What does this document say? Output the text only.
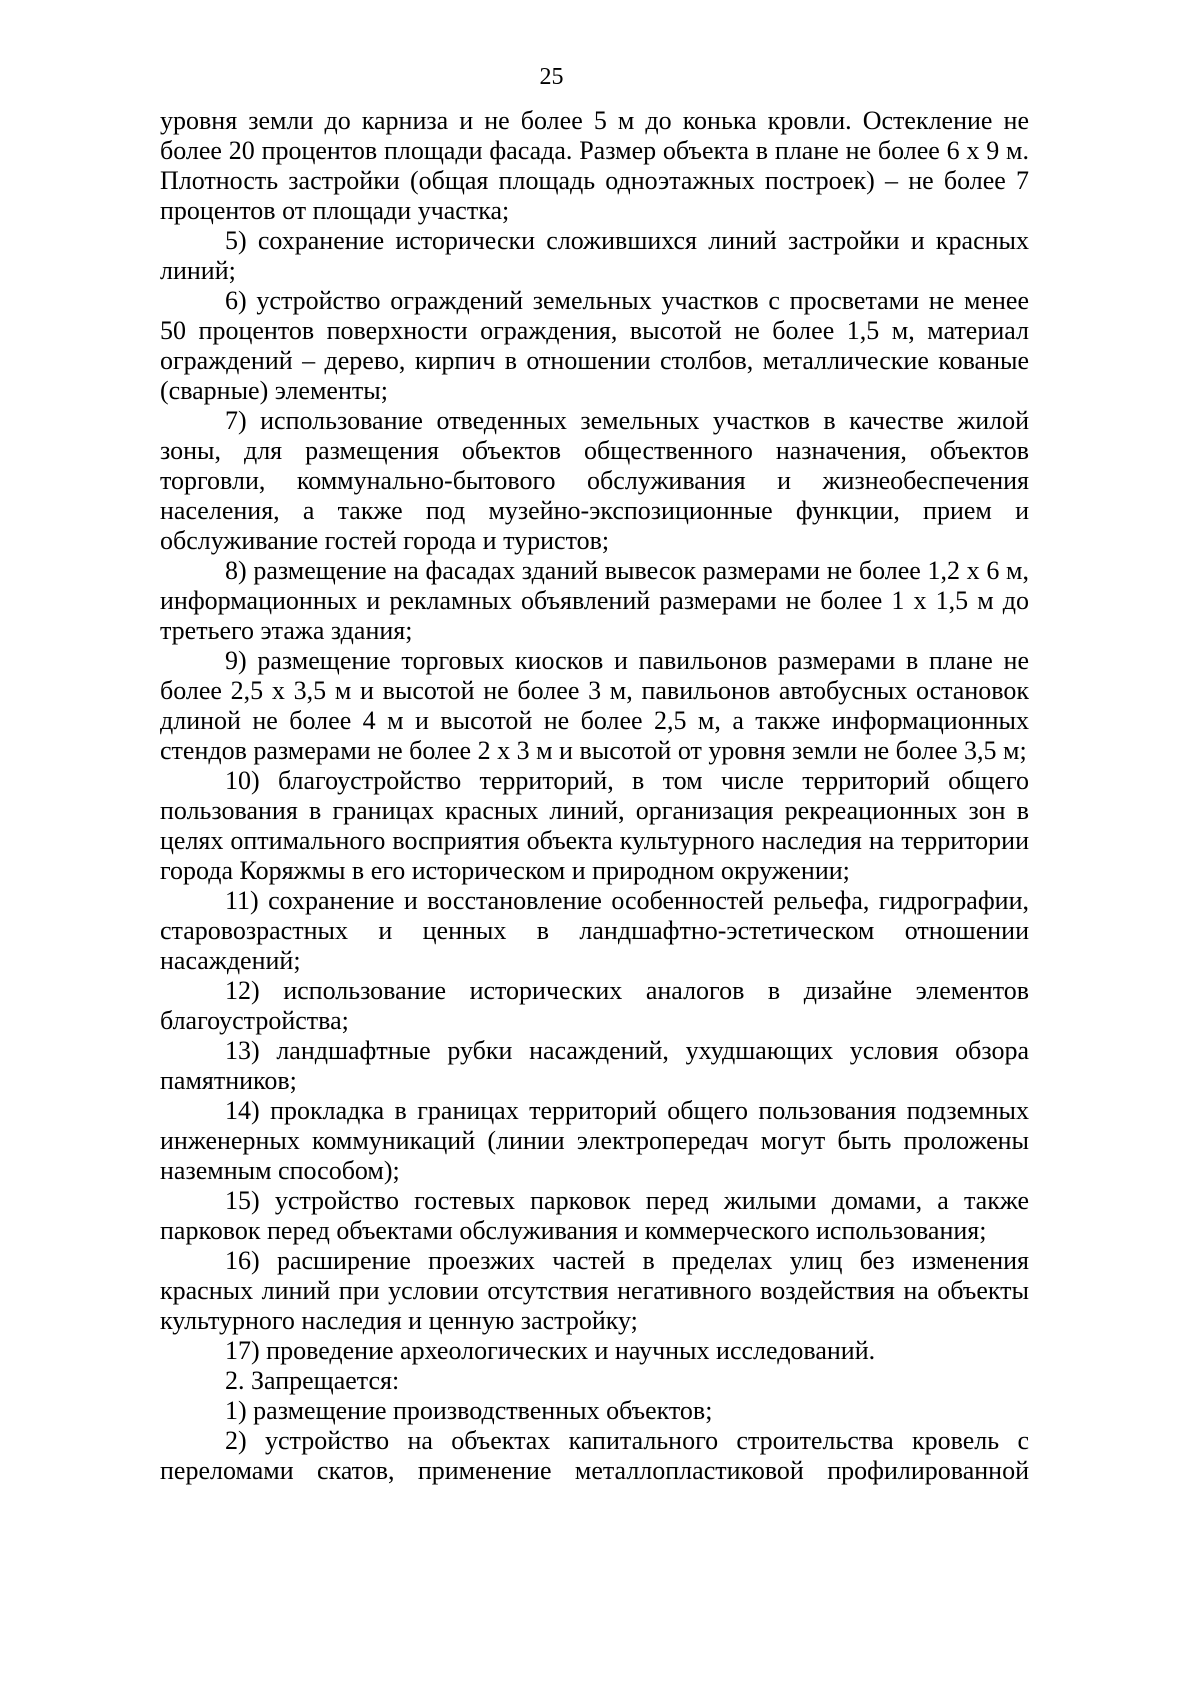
25

уровня земли до карниза и не более 5 м до конька кровли. Остекление не более 20 процентов площади фасада. Размер объекта в плане не более 6 х 9 м. Плотность застройки (общая площадь одноэтажных построек) – не более 7 процентов от площади участка;

5) сохранение исторически сложившихся линий застройки и красных линий;

6) устройство ограждений земельных участков с просветами не менее 50 процентов поверхности ограждения, высотой не более 1,5 м, материал ограждений – дерево, кирпич в отношении столбов, металлические кованые (сварные) элементы;

7) использование отведенных земельных участков в качестве жилой зоны, для размещения объектов общественного назначения, объектов торговли, коммунально-бытового обслуживания и жизнеобеспечения населения, а также под музейно-экспозиционные функции, прием и обслуживание гостей города и туристов;

8) размещение на фасадах зданий вывесок размерами не более 1,2 х 6 м, информационных и рекламных объявлений размерами не более 1 х 1,5 м до третьего этажа здания;

9) размещение торговых киосков и павильонов размерами в плане не более 2,5 х 3,5 м и высотой не более 3 м, павильонов автобусных остановок длиной не более 4 м и высотой не более 2,5 м, а также информационных стендов размерами не более 2 х 3 м и высотой от уровня земли не более 3,5 м;

10) благоустройство территорий, в том числе территорий общего пользования в границах красных линий, организация рекреационных зон в целях оптимального восприятия объекта культурного наследия на территории города Коряжмы в его историческом и природном окружении;

11) сохранение и восстановление особенностей рельефа, гидрографии, старовозрастных и ценных в ландшафтно-эстетическом отношении насаждений;

12) использование исторических аналогов в дизайне элементов благоустройства;

13) ландшафтные рубки насаждений, ухудшающих условия обзора памятников;

14) прокладка в границах территорий общего пользования подземных инженерных коммуникаций (линии электропередач могут быть проложены наземным способом);

15) устройство гостевых парковок перед жилыми домами, а также парковок перед объектами обслуживания и коммерческого использования;

16) расширение проезжих частей в пределах улиц без изменения красных линий при условии отсутствия негативного воздействия на объекты культурного наследия и ценную застройку;

17) проведение археологических и научных исследований.

2. Запрещается:

1) размещение производственных объектов;

2) устройство на объектах капитального строительства кровель с переломами скатов, применение металлопластиковой профилированной
